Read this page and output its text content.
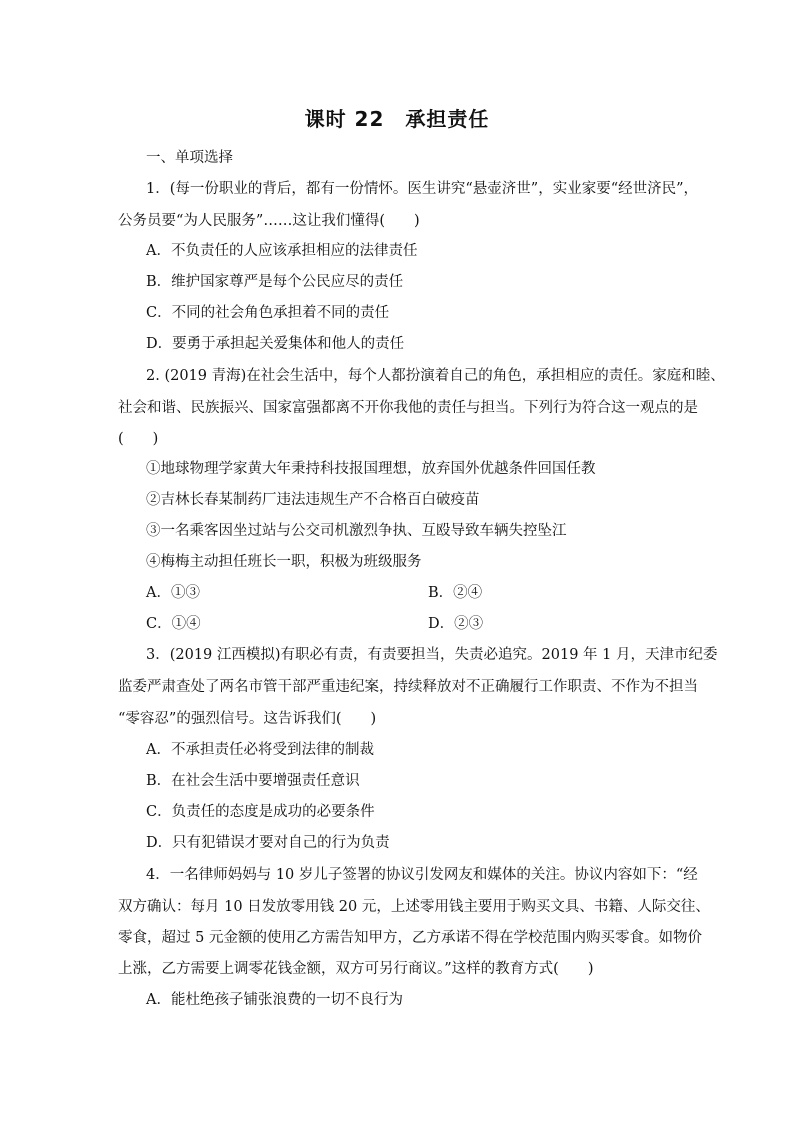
课时 22　承担责任
一、单项选择
1．(每一份职业的背后，都有一份情怀。医生讲究“悬壶济世”，实业家要“经世济民”，
公务员要“为人民服务”……这让我们懂得(　　)
A．不负责任的人应该承担相应的法律责任
B．维护国家尊严是每个公民应尽的责任
C．不同的社会角色承担着不同的责任
D．要勇于承担起关爱集体和他人的责任
2. (2019 青海)在社会生活中，每个人都扮演着自己的角色，承担相应的责任。家庭和睦、
社会和谐、民族振兴、国家富强都离不开你我他的责任与担当。下列行为符合这一观点的是
(　　)
①地球物理学家黄大年秉持科技报国理想，放弃国外优越条件回国任教
②吉林长春某制药厂违法违规生产不合格百白破疫苗
③一名乘客因坐过站与公交司机激烈争执、互殴导致车辆失控坠江
④梅梅主动担任班长一职，积极为班级服务
A．①③	B．②④
C．①④	D．②③
3．(2019 江西模拟)有职必有责，有责要担当，失责必追究。2019 年 1 月，天津市纪委
监委严肃查处了两名市管干部严重违纪案，持续释放对不正确履行工作职责、不作为不担当
“零容忍”的强烈信号。这告诉我们(　　)
A．不承担责任必将受到法律的制裁
B．在社会生活中要增强责任意识
C．负责任的态度是成功的必要条件
D．只有犯错误才要对自己的行为负责
4．一名律师妈妈与 10 岁儿子签署的协议引发网友和媒体的关注。协议内容如下：“经
双方确认：每月 10 日发放零用钱 20 元，上述零用钱主要用于购买文具、书籍、人际交往、
零食，超过 5 元金额的使用乙方需告知甲方，乙方承诺不得在学校范围内购买零食。如物价
上涨，乙方需要上调零花钱金额，双方可另行商议。”这样的教育方式(　　)
A．能杜绝孩子铺张浪费的一切不良行为
